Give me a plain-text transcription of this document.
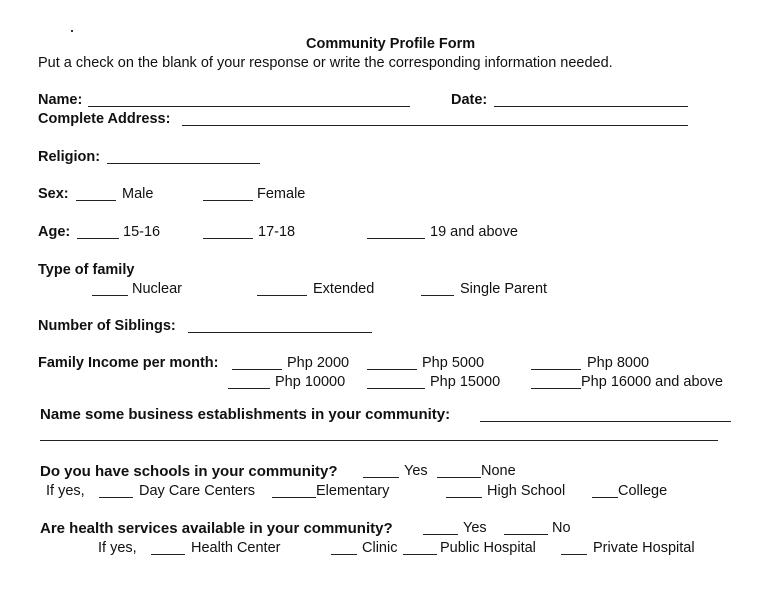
Community Profile Form
Put a check on the blank of your response or write the corresponding information needed.
Name:	Date:
Complete Address:
Religion:
Sex:	Male	Female
Age:	15-16	17-18	19 and above
Type of family
Nuclear	Extended	Single Parent
Number of Siblings:
Family Income per month:	Php 2000	Php 5000	Php 8000
Php 10000	Php 15000	Php 16000 and above
Name some business establishments in your community:
Do you have schools in your community?	Yes	None
If yes,	Day Care Centers	Elementary	High School	College
Are health services available in your community?	Yes	No
If yes,	Health Center	Clinic	Public Hospital	Private Hospital
